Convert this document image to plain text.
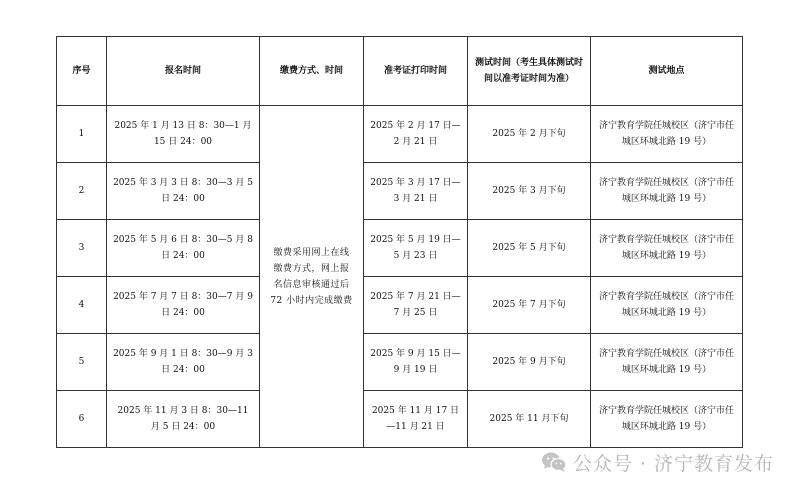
序号	报名时间	缴费方式、时间	准考证打印时间	测试时间（考生具体测试时间以准考证时间为准）	测试地点
1	2025 年 1 月 13 日 8：30—1 月 15 日 24：00	缴费采用网上在线缴费方式，网上报名信息审核通过后 72 小时内完成缴费	2025 年 2 月 17 日—2 月 21 日	2025 年 2 月下旬	济宁教育学院任城校区（济宁市任城区环城北路 19 号）
2	2025 年 3 月 3 日 8：30—3 月 5 日 24：00		2025 年 3 月 17 日—3 月 21 日	2025 年 3 月下旬	济宁教育学院任城校区（济宁市任城区环城北路 19 号）
3	2025 年 5 月 6 日 8：30—5 月 8 日 24：00		2025 年 5 月 19 日—5 月 23 日	2025 年 5 月下旬	济宁教育学院任城校区（济宁市任城区环城北路 19 号）
4	2025 年 7 月 7 日 8：30—7 月 9 日 24：00		2025 年 7 月 21 日—7 月 25 日	2025 年 7 月下旬	济宁教育学院任城校区（济宁市任城区环城北路 19 号）
5	2025 年 9 月 1 日 8：30—9 月 3 日 24：00		2025 年 9 月 15 日—9 月 19 日	2025 年 9 月下旬	济宁教育学院任城校区（济宁市任城区环城北路 19 号）
6	2025 年 11 月 3 日 8：30—11 月 5 日 24：00		2025 年 11 月 17 日—11 月 21 日	2025 年 11 月下旬	济宁教育学院任城校区（济宁市任城区环城北路 19 号）
公众号 · 济宁教育发布
